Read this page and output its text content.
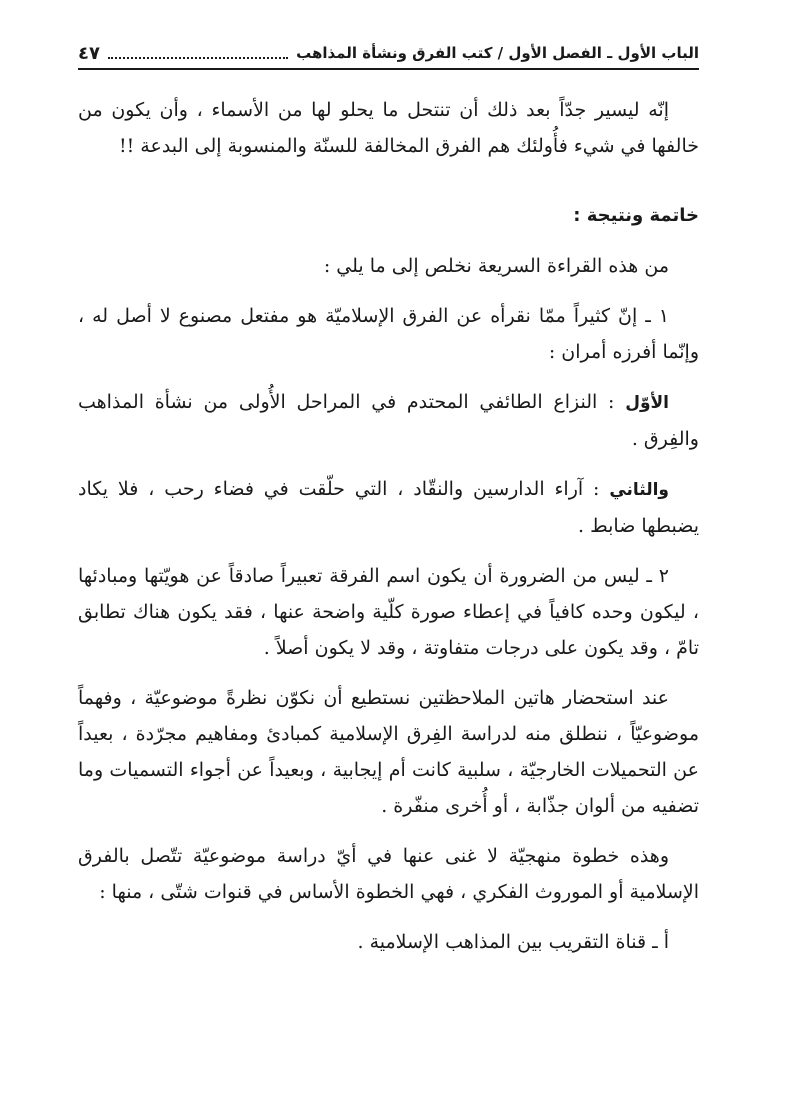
الباب الأول ـ الفصل الأول / كتب الفرق ونشأة المذاهب
٤٧

إنّه ليسير جدّاً بعد ذلك أن تنتحل ما يحلو لها من الأسماء ، وأن يكون من خالفها في شيء فأُولئك هم الفرق المخالفة للسنّة والمنسوبة إلى البدعة !!

خاتمة ونتيجة :

من هذه القراءة السريعة نخلص إلى ما يلي :

١ ـ إنّ كثيراً ممّا نقرأه عن الفرق الإسلاميّة هو مفتعل مصنوع لا أصل له ، وإنّما أفرزه أمران :

الأوّل : النزاع الطائفي المحتدم في المراحل الأُولى من نشأة المذاهب والفِرق .

والثاني : آراء الدارسين والنقّاد ، التي حلّقت في فضاء رحب ، فلا يكاد يضبطها ضابط .

٢ ـ ليس من الضرورة أن يكون اسم الفرقة تعبيراً صادقاً عن هويّتها ومبادئها ، ليكون وحده كافياً في إعطاء صورة كلّية واضحة عنها ، فقد يكون هناك تطابق تامّ ، وقد يكون على درجات متفاوتة ، وقد لا يكون أصلاً .

عند استحضار هاتين الملاحظتين نستطيع أن نكوّن نظرةً موضوعيّة ، وفهماً موضوعيّاً ، ننطلق منه لدراسة الفِرق الإسلامية كمبادئ ومفاهيم مجرّدة ، بعيداً عن التحميلات الخارجيّة ، سلبية كانت أم إيجابية ، وبعيداً عن أجواء التسميات وما تضفيه من ألوان جذّابة ، أو أُخرى منفّرة .

وهذه خطوة منهجيّة لا غنى عنها في أيّ دراسة موضوعيّة تتّصل بالفرق الإسلامية أو الموروث الفكري ، فهي الخطوة الأساس في قنوات شتّى ، منها :

أ ـ قناة التقريب بين المذاهب الإسلامية .
